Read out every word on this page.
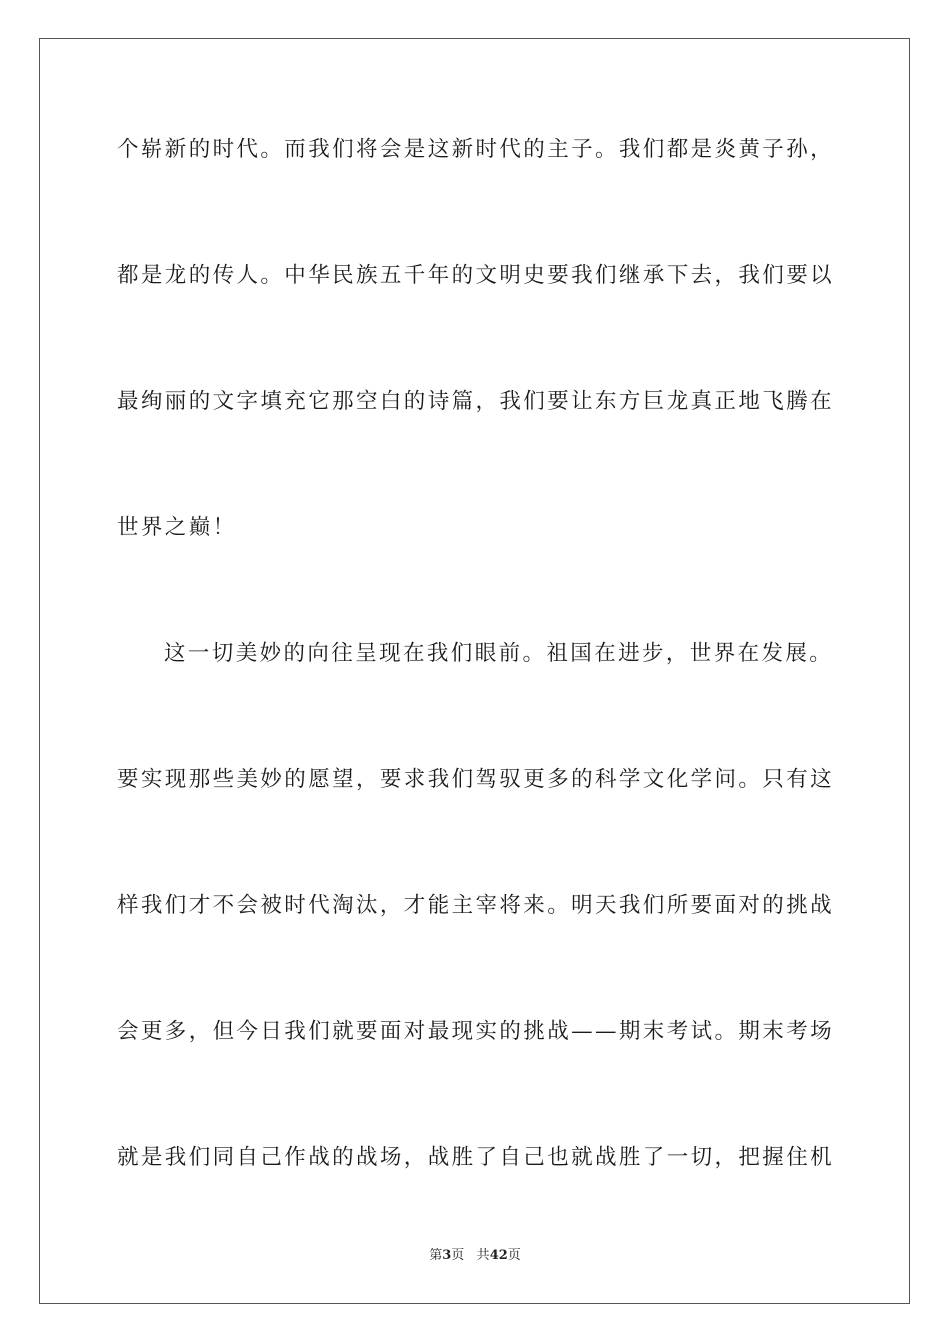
个崭新的时代。而我们将会是这新时代的主子。我们都是炎黄子孙，
都是龙的传人。中华民族五千年的文明史要我们继承下去，我们要以
最绚丽的文字填充它那空白的诗篇，我们要让东方巨龙真正地飞腾在
世界之巅！
这一切美妙的向往呈现在我们眼前。祖国在进步，世界在发展。
要实现那些美妙的愿望，要求我们驾驭更多的科学文化学问。只有这
样我们才不会被时代淘汰，才能主宰将来。明天我们所要面对的挑战
会更多，但今日我们就要面对最现实的挑战——期末考试。期末考场
就是我们同自己作战的战场，战胜了自己也就战胜了一切，把握住机
第3页 共42页
